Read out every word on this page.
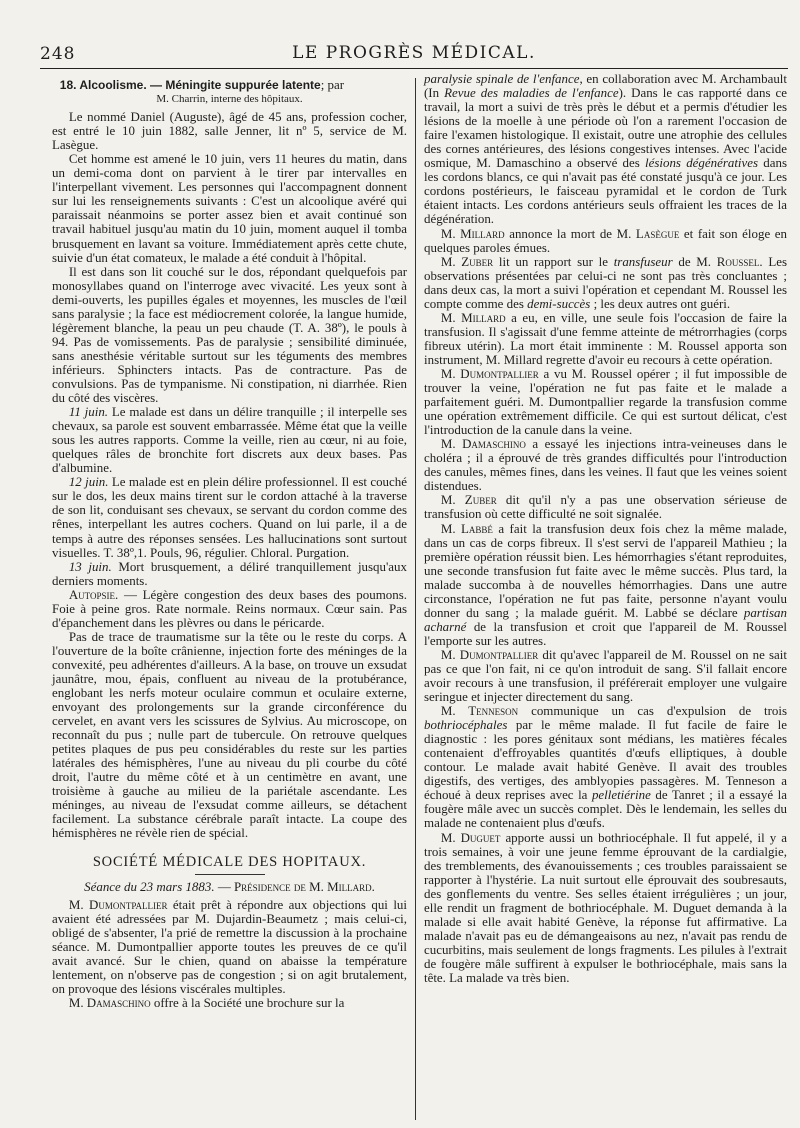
248	LE PROGRÈS MÉDICAL.

18. Alcoolisme. — Méningite suppurée latente; par

M. Charrin, interne des hôpitaux.

Le nommé Daniel (Auguste), âgé de 45 ans, profession cocher, est entré le 10 juin 1882, salle Jenner, lit nº 5, service de M. Lasègue.

Cet homme est amené le 10 juin, vers 11 heures du matin, dans un demi-coma dont on parvient à le tirer par intervalles en l'interpellant vivement. Les personnes qui l'accompagnent donnent sur lui les renseignements suivants : C'est un alcoolique avéré qui paraissait néanmoins se porter assez bien et avait continué son travail habituel jusqu'au matin du 10 juin, moment auquel il tomba brusquement en lavant sa voiture. Immédiatement après cette chute, suivie d'un état comateux, le malade a été conduit à l'hôpital.

Il est dans son lit couché sur le dos, répondant quelquefois par monosyllabes quand on l'interroge avec vivacité. Les yeux sont à demi-ouverts, les pupilles égales et moyennes, les muscles de l'œil sans paralysie ; la face est médiocrement colorée, la langue humide, légèrement blanche, la peau un peu chaude (T. A. 38º), le pouls à 94. Pas de vomissements. Pas de paralysie ; sensibilité diminuée, sans anesthésie véritable surtout sur les téguments des membres inférieurs. Sphincters intacts. Pas de contracture. Pas de convulsions. Pas de tympanisme. Ni constipation, ni diarrhée. Rien du côté des viscères.

11 juin. Le malade est dans un délire tranquille ; il interpelle ses chevaux, sa parole est souvent embarrassée. Même état que la veille sous les autres rapports. Comme la veille, rien au cœur, ni au foie, quelques râles de bronchite fort discrets aux deux bases. Pas d'albumine.

12 juin. Le malade est en plein délire professionnel. Il est couché sur le dos, les deux mains tirent sur le cordon attaché à la traverse de son lit, conduisant ses chevaux, se servant du cordon comme des rênes, interpellant les autres cochers. Quand on lui parle, il a de temps à autre des réponses sensées. Les hallucinations sont surtout visuelles. T. 38º,1. Pouls, 96, régulier. Chloral. Purgation.

13 juin. Mort brusquement, a déliré tranquillement jusqu'aux derniers moments.

Autopsie. — Légère congestion des deux bases des poumons. Foie à peine gros. Rate normale. Reins normaux. Cœur sain. Pas d'épanchement dans les plèvres ou dans le péricarde.

Pas de trace de traumatisme sur la tête ou le reste du corps. A l'ouverture de la boîte crânienne, injection forte des méninges de la convexité, peu adhérentes d'ailleurs. A la base, on trouve un exsudat jaunâtre, mou, épais, confluent au niveau de la protubérance, englobant les nerfs moteur oculaire commun et oculaire externe, envoyant des prolongements sur la grande circonférence du cervelet, en avant vers les scissures de Sylvius. Au microscope, on reconnaît du pus ; nulle part de tubercule. On retrouve quelques petites plaques de pus peu considérables du reste sur les parties latérales des hémisphères, l'une au niveau du pli courbe du côté droit, l'autre du même côté et à un centimètre en avant, une troisième à gauche au milieu de la pariétale ascendante. Les méninges, au niveau de l'exsudat comme ailleurs, se détachent facilement. La substance cérébrale paraît intacte. La coupe des hémisphères ne révèle rien de spécial.

SOCIÉTÉ MÉDICALE DES HOPITAUX.

Séance du 23 mars 1883. — Présidence de M. Millard.

M. Dumontpallier était prêt à répondre aux objections qui lui avaient été adressées par M. Dujardin-Beaumetz ; mais celui-ci, obligé de s'absenter, l'a prié de remettre la discussion à la prochaine séance. M. Dumontpallier apporte toutes les preuves de ce qu'il avait avancé. Sur le chien, quand on abaisse la température lentement, on n'observe pas de congestion ; si on agit brutalement, on provoque des lésions viscérales multiples.

M. Damaschino offre à la Société une brochure sur la

paralysie spinale de l'enfance, en collaboration avec M. Archambault (In Revue des maladies de l'enfance). Dans le cas rapporté dans ce travail, la mort a suivi de très près le début et a permis d'étudier les lésions de la moelle à une période où l'on a rarement l'occasion de faire l'examen histologique. Il existait, outre une atrophie des cellules des cornes antérieures, des lésions congestives intenses. Avec l'acide osmique, M. Damaschino a observé des lésions dégénératives dans les cordons blancs, ce qui n'avait pas été constaté jusqu'à ce jour. Les cordons postérieurs, le faisceau pyramidal et le cordon de Turk étaient intacts. Les cordons antérieurs seuls offraient les traces de la dégénération.

M. Millard annonce la mort de M. Lasègue et fait son éloge en quelques paroles émues.

M. Zuber lit un rapport sur le transfuseur de M. Roussel. Les observations présentées par celui-ci ne sont pas très concluantes ; dans deux cas, la mort a suivi l'opération et cependant M. Roussel les compte comme des demi-succès ; les deux autres ont guéri.

M. Millard a eu, en ville, une seule fois l'occasion de faire la transfusion. Il s'agissait d'une femme atteinte de métrorrhagies (corps fibreux utérin). La mort était imminente : M. Roussel apporta son instrument, M. Millard regrette d'avoir eu recours à cette opération.

M. Dumontpallier a vu M. Roussel opérer ; il fut impossible de trouver la veine, l'opération ne fut pas faite et le malade a parfaitement guéri. M. Dumontpallier regarde la transfusion comme une opération extrêmement difficile. Ce qui est surtout délicat, c'est l'introduction de la canule dans la veine.

M. Damaschino a essayé les injections intra-veineuses dans le choléra ; il a éprouvé de très grandes difficultés pour l'introduction des canules, mêmes fines, dans les veines. Il faut que les veines soient distendues.

M. Zuber dit qu'il n'y a pas une observation sérieuse de transfusion où cette difficulté ne soit signalée.

M. Labbé a fait la transfusion deux fois chez la même malade, dans un cas de corps fibreux. Il s'est servi de l'appareil Mathieu ; la première opération réussit bien. Les hémorrhagies s'étant reproduites, une seconde transfusion fut faite avec le même succès. Plus tard, la malade succomba à de nouvelles hémorrhagies. Dans une autre circonstance, l'opération ne fut pas faite, personne n'ayant voulu donner du sang ; la malade guérit. M. Labbé se déclare partisan acharné de la transfusion et croit que l'appareil de M. Roussel l'emporte sur les autres.

M. Dumontpallier dit qu'avec l'appareil de M. Roussel on ne sait pas ce que l'on fait, ni ce qu'on introduit de sang. S'il fallait encore avoir recours à une transfusion, il préférerait employer une vulgaire seringue et injecter directement du sang.

M. Tenneson communique un cas d'expulsion de trois bothriocéphales par le même malade. Il fut facile de faire le diagnostic : les pores génitaux sont médians, les matières fécales contenaient d'effroyables quantités d'œufs elliptiques, à double contour. Le malade avait habité Genève. Il avait des troubles digestifs, des vertiges, des amblyopies passagères. M. Tenneson a échoué à deux reprises avec la pelletiérine de Tanret ; il a essayé la fougère mâle avec un succès complet. Dès le lendemain, les selles du malade ne contenaient plus d'œufs.

M. Duguet apporte aussi un bothriocéphale. Il fut appelé, il y a trois semaines, à voir une jeune femme éprouvant de la cardialgie, des tremblements, des évanouissements ; ces troubles paraissaient se rapporter à l'hystérie. La nuit surtout elle éprouvait des soubresauts, des gonflements du ventre. Ses selles étaient irrégulières ; un jour, elle rendit un fragment de bothriocéphale. M. Duguet demanda à la malade si elle avait habité Genève, la réponse fut affirmative. La malade n'avait pas eu de démangeaisons au nez, n'avait pas rendu de cucurbitins, mais seulement de longs fragments. Les pilules à l'extrait de fougère mâle suffirent à expulser le bothriocéphale, mais sans la tête. La malade va très bien.
